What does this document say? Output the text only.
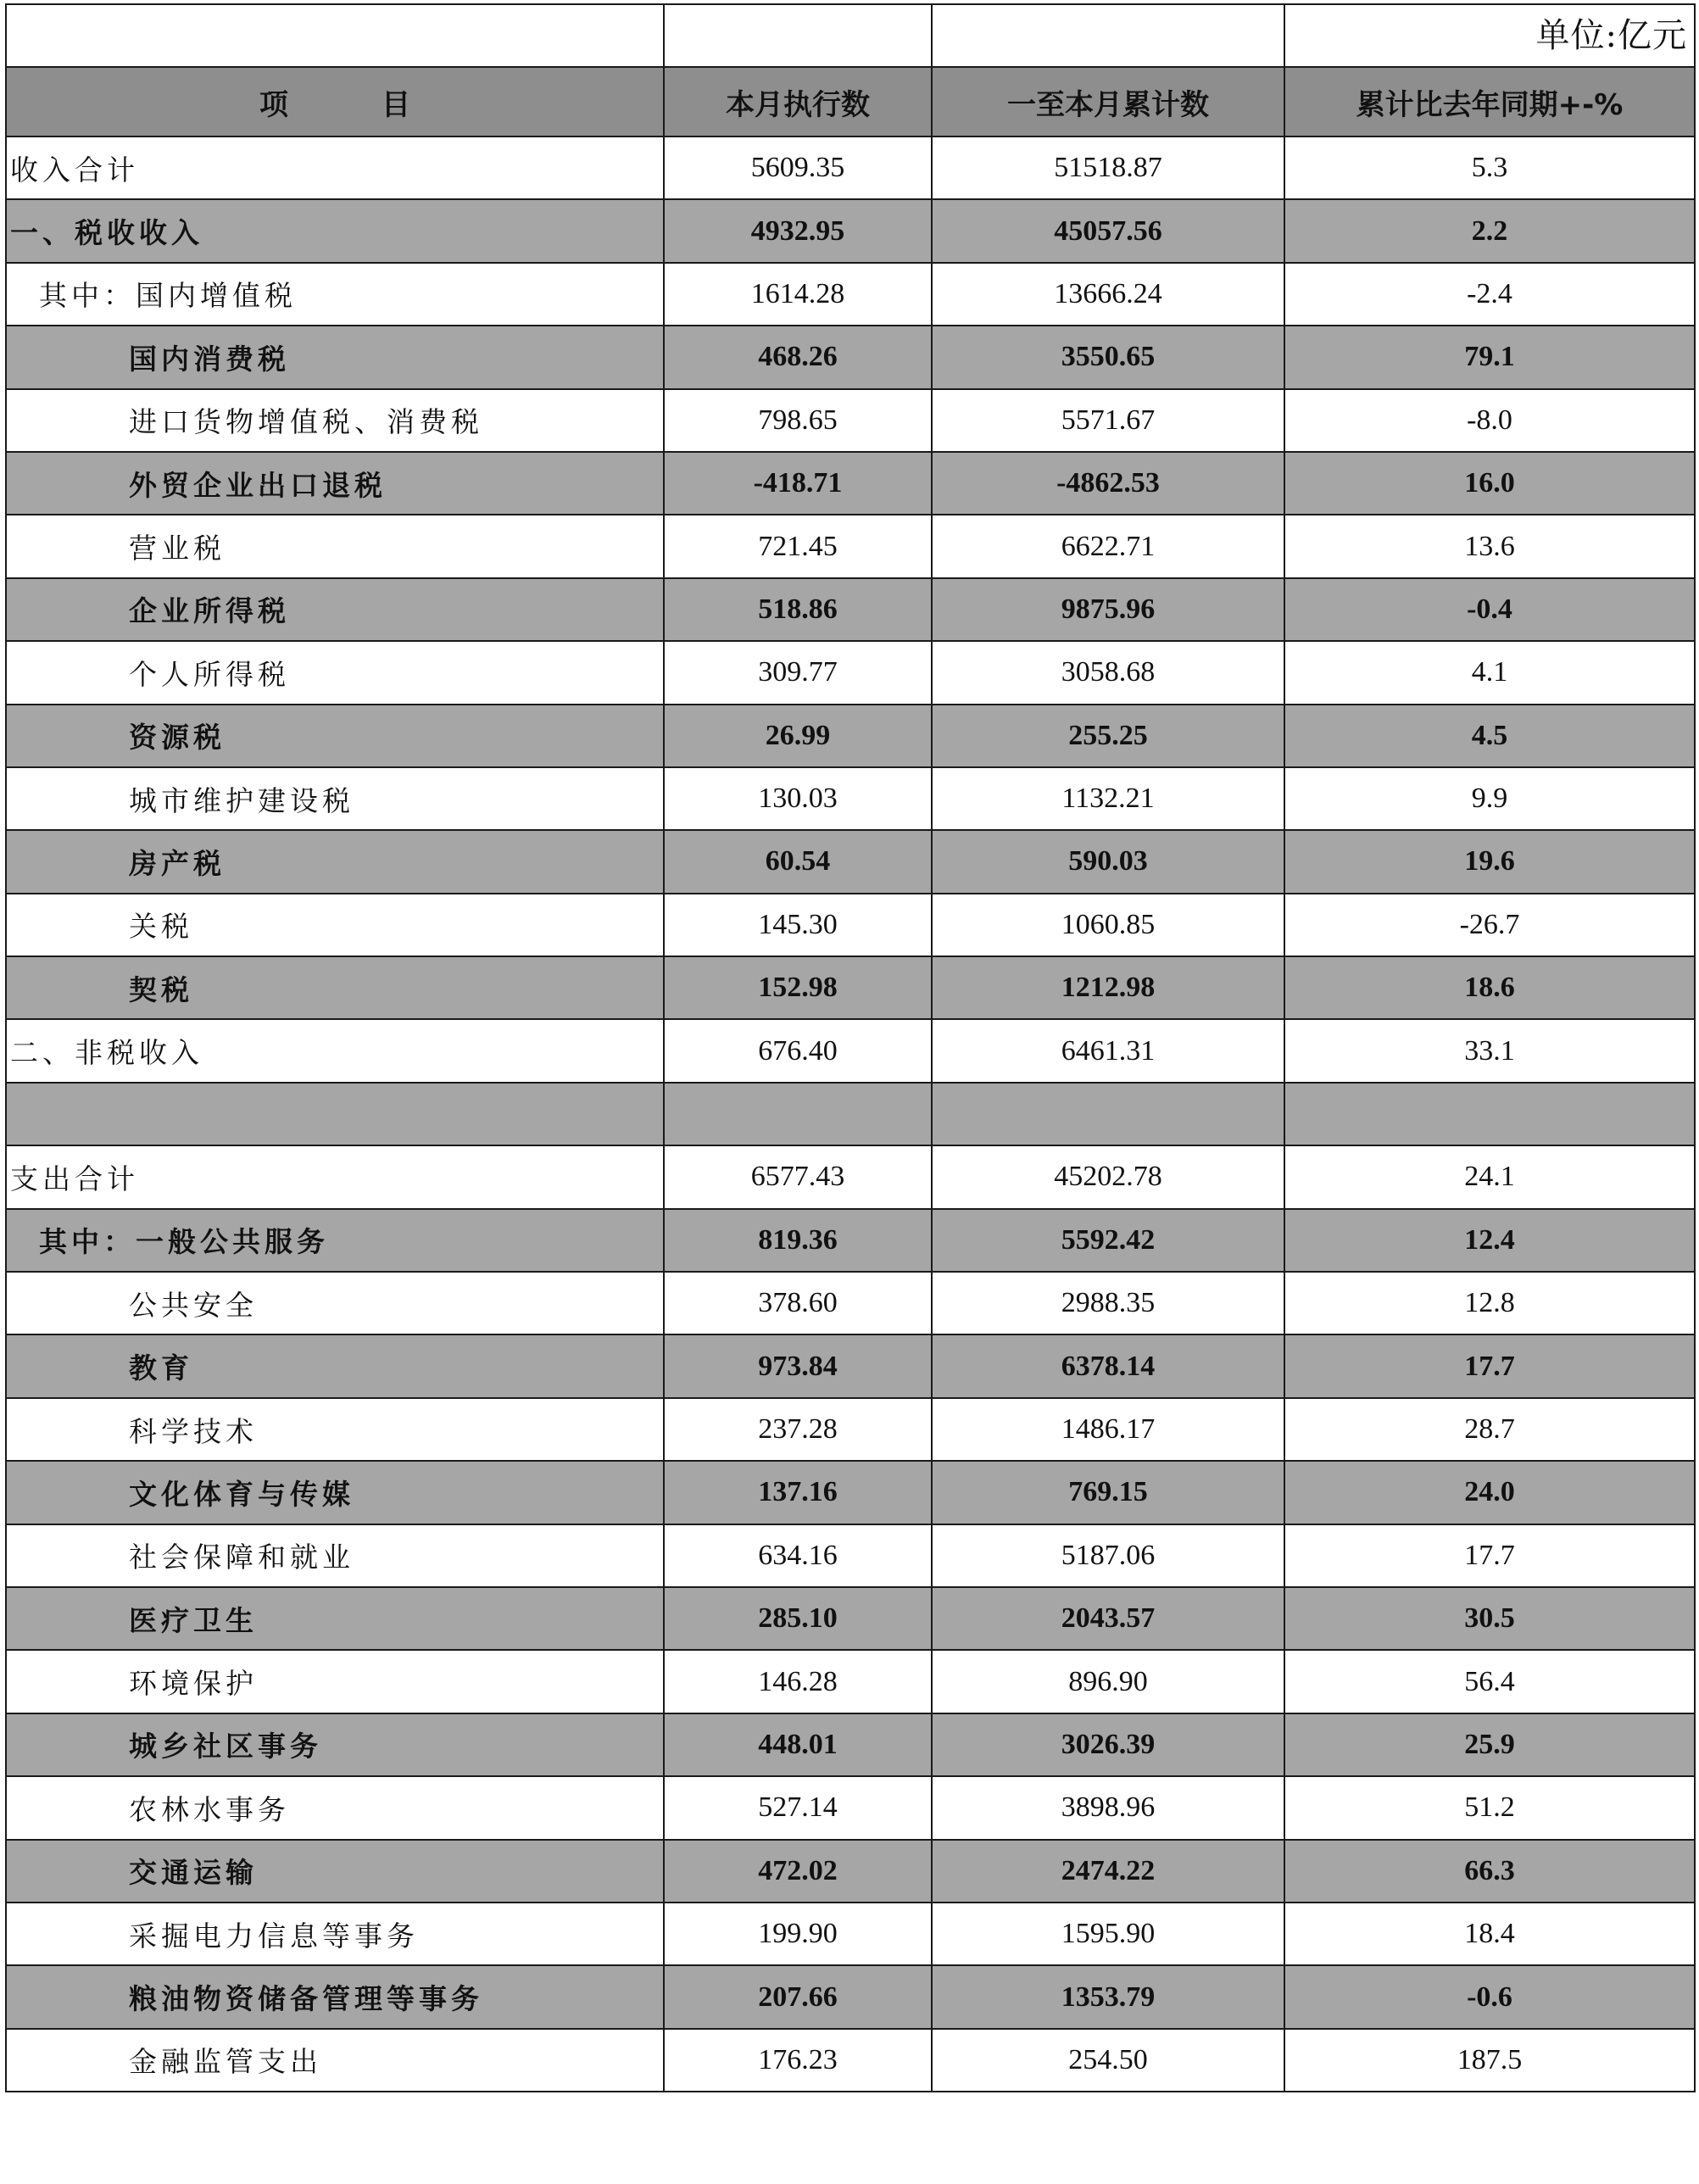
			单位:亿元
项 目	本月执行数	一至本月累计数	累计比去年同期+-%
收入合计	5609.35	51518.87	5.3
一、税收收入	4932.95	45057.56	2.2
其中：国内增值税	1614.28	13666.24	-2.4
国内消费税	468.26	3550.65	79.1
进口货物增值税、消费税	798.65	5571.67	-8.0
外贸企业出口退税	-418.71	-4862.53	16.0
营业税	721.45	6622.71	13.6
企业所得税	518.86	9875.96	-0.4
个人所得税	309.77	3058.68	4.1
资源税	26.99	255.25	4.5
城市维护建设税	130.03	1132.21	9.9
房产税	60.54	590.03	19.6
关税	145.30	1060.85	-26.7
契税	152.98	1212.98	18.6
二、非税收入	676.40	6461.31	33.1

支出合计	6577.43	45202.78	24.1
其中：一般公共服务	819.36	5592.42	12.4
公共安全	378.60	2988.35	12.8
教育	973.84	6378.14	17.7
科学技术	237.28	1486.17	28.7
文化体育与传媒	137.16	769.15	24.0
社会保障和就业	634.16	5187.06	17.7
医疗卫生	285.10	2043.57	30.5
环境保护	146.28	896.90	56.4
城乡社区事务	448.01	3026.39	25.9
农林水事务	527.14	3898.96	51.2
交通运输	472.02	2474.22	66.3
采掘电力信息等事务	199.90	1595.90	18.4
粮油物资储备管理等事务	207.66	1353.79	-0.6
金融监管支出	176.23	254.50	187.5
